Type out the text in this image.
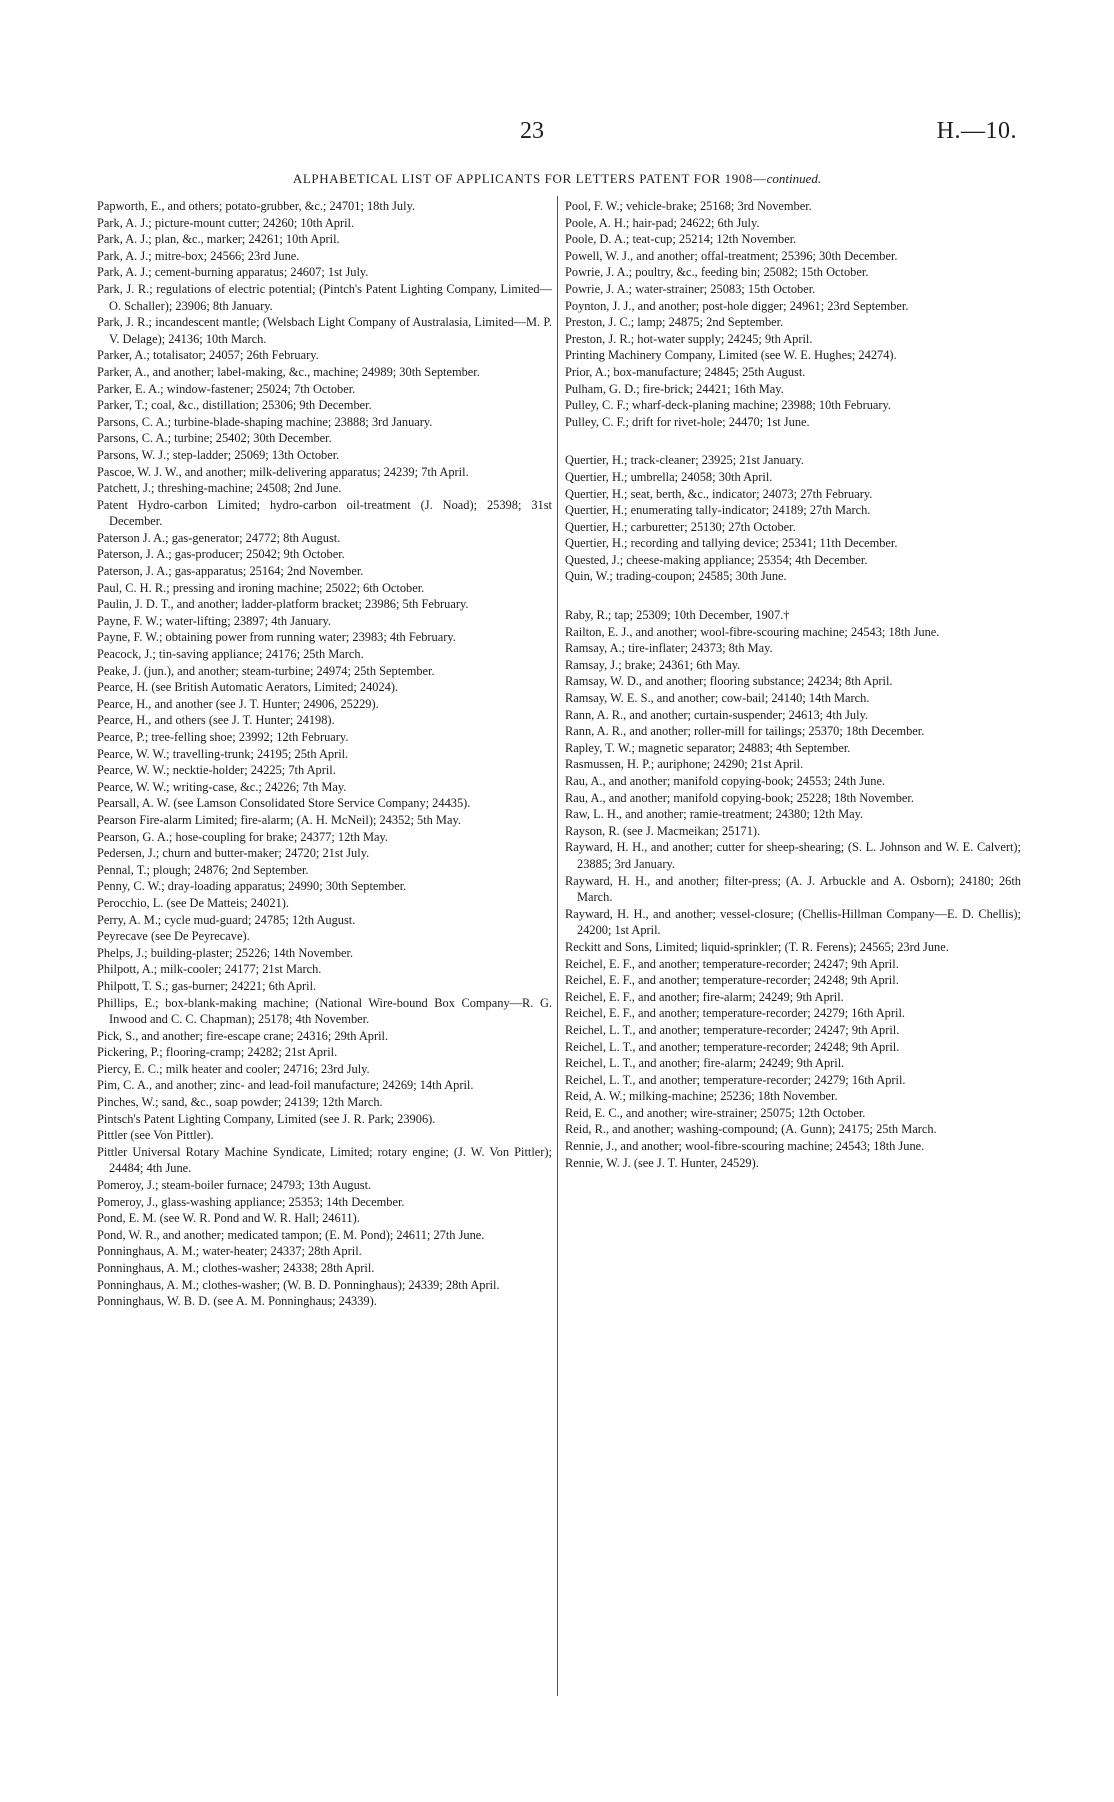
23	H.—10.
ALPHABETICAL LIST OF APPLICANTS FOR LETTERS PATENT FOR 1908—continued.
Papworth, E., and others; potato-grubber, &c.; 24701; 18th July.
Park, A. J.; picture-mount cutter; 24260; 10th April.
Park, A. J.; plan, &c., marker; 24261; 10th April.
Park, A. J.; mitre-box; 24566; 23rd June.
Park, A. J.; cement-burning apparatus; 24607; 1st July.
Park, J. R.; regulations of electric potential; (Pintch's Patent Lighting Company, Limited—O. Schaller); 23906; 8th January.
Park, J. R.; incandescent mantle; (Welsbach Light Company of Australasia, Limited—M. P. V. Delage); 24136; 10th March.
Parker, A.; totalisator; 24057; 26th February.
Parker, A., and another; label-making, &c., machine; 24989; 30th September.
Parker, E. A.; window-fastener; 25024; 7th October.
Parker, T.; coal, &c., distillation; 25306; 9th December.
Parsons, C. A.; turbine-blade-shaping machine; 23888; 3rd January.
Parsons, C. A.; turbine; 25402; 30th December.
Parsons, W. J.; step-ladder; 25069; 13th October.
Pascoe, W. J. W., and another; milk-delivering apparatus; 24239; 7th April.
Patchett, J.; threshing-machine; 24508; 2nd June.
Patent Hydro-carbon Limited; hydro-carbon oil-treatment (J. Noad); 25398; 31st December.
Paterson J. A.; gas-generator; 24772; 8th August.
Paterson, J. A.; gas-producer; 25042; 9th October.
Paterson, J. A.; gas-apparatus; 25164; 2nd November.
Paul, C. H. R.; pressing and ironing machine; 25022; 6th October.
Paulin, J. D. T., and another; ladder-platform bracket; 23986; 5th February.
Payne, F. W.; water-lifting; 23897; 4th January.
Payne, F. W.; obtaining power from running water; 23983; 4th February.
Peacock, J.; tin-saving appliance; 24176; 25th March.
Peake, J. (jun.), and another; steam-turbine; 24974; 25th September.
Pearce, H. (see British Automatic Aerators, Limited; 24024).
Pearce, H., and another (see J. T. Hunter; 24906, 25229).
Pearce, H., and others (see J. T. Hunter; 24198).
Pearce, P.; tree-felling shoe; 23992; 12th February.
Pearce, W. W.; travelling-trunk; 24195; 25th April.
Pearce, W. W.; necktie-holder; 24225; 7th April.
Pearce, W. W.; writing-case, &c.; 24226; 7th May.
Pearsall, A. W. (see Lamson Consolidated Store Service Company; 24435).
Pearson Fire-alarm Limited; fire-alarm; (A. H. McNeil); 24352; 5th May.
Pearson, G. A.; hose-coupling for brake; 24377; 12th May.
Pedersen, J.; churn and butter-maker; 24720; 21st July.
Pennal, T.; plough; 24876; 2nd September.
Penny, C. W.; dray-loading apparatus; 24990; 30th September.
Perocchio, L. (see De Matteis; 24021).
Perry, A. M.; cycle mud-guard; 24785; 12th August.
Peyrecave (see De Peyrecave).
Phelps, J.; building-plaster; 25226; 14th November.
Philpott, A.; milk-cooler; 24177; 21st March.
Philpott, T. S.; gas-burner; 24221; 6th April.
Phillips, E.; box-blank-making machine; (National Wire-bound Box Company—R. G. Inwood and C. C. Chapman); 25178; 4th November.
Pick, S., and another; fire-escape crane; 24316; 29th April.
Pickering, P.; flooring-cramp; 24282; 21st April.
Piercy, E. C.; milk heater and cooler; 24716; 23rd July.
Pim, C. A., and another; zinc- and lead-foil manufacture; 24269; 14th April.
Pinches, W.; sand, &c., soap powder; 24139; 12th March.
Pintsch's Patent Lighting Company, Limited (see J. R. Park; 23906).
Pittler (see Von Pittler).
Pittler Universal Rotary Machine Syndicate, Limited; rotary engine; (J. W. Von Pittler); 24484; 4th June.
Pomeroy, J.; steam-boiler furnace; 24793; 13th August.
Pomeroy, J., glass-washing appliance; 25353; 14th December.
Pond, E. M. (see W. R. Pond and W. R. Hall; 24611).
Pond, W. R., and another; medicated tampon; (E. M. Pond); 24611; 27th June.
Ponninghaus, A. M.; water-heater; 24337; 28th April.
Ponninghaus, A. M.; clothes-washer; 24338; 28th April.
Ponninghaus, A. M.; clothes-washer; (W. B. D. Ponninghaus); 24339; 28th April.
Ponninghaus, W. B. D. (see A. M. Ponninghaus; 24339).
Pool, F. W.; vehicle-brake; 25168; 3rd November.
Poole, A. H.; hair-pad; 24622; 6th July.
Poole, D. A.; teat-cup; 25214; 12th November.
Powell, W. J., and another; offal-treatment; 25396; 30th December.
Powrie, J. A.; poultry, &c., feeding bin; 25082; 15th October.
Powrie, J. A.; water-strainer; 25083; 15th October.
Poynton, J. J., and another; post-hole digger; 24961; 23rd September.
Preston, J. C.; lamp; 24875; 2nd September.
Preston, J. R.; hot-water supply; 24245; 9th April.
Printing Machinery Company, Limited (see W. E. Hughes; 24274).
Prior, A.; box-manufacture; 24845; 25th August.
Pulham, G. D.; fire-brick; 24421; 16th May.
Pulley, C. F.; wharf-deck-planing machine; 23988; 10th February.
Pulley, C. F.; drift for rivet-hole; 24470; 1st June.
Quertier, H.; track-cleaner; 23925; 21st January.
Quertier, H.; umbrella; 24058; 30th April.
Quertier, H.; seat, berth, &c., indicator; 24073; 27th February.
Quertier, H.; enumerating tally-indicator; 24189; 27th March.
Quertier, H.; carburetter; 25130; 27th October.
Quertier, H.; recording and tallying device; 25341; 11th December.
Quested, J.; cheese-making appliance; 25354; 4th December.
Quin, W.; trading-coupon; 24585; 30th June.
Raby, R.; tap; 25309; 10th December, 1907.†
Railton, E. J., and another; wool-fibre-scouring machine; 24543; 18th June.
Ramsay, A.; tire-inflater; 24373; 8th May.
Ramsay, J.; brake; 24361; 6th May.
Ramsay, W. D., and another; flooring substance; 24234; 8th April.
Ramsay, W. E. S., and another; cow-bail; 24140; 14th March.
Rann, A. R., and another; curtain-suspender; 24613; 4th July.
Rann, A. R., and another; roller-mill for tailings; 25370; 18th December.
Rapley, T. W.; magnetic separator; 24883; 4th September.
Rasmussen, H. P.; auriphone; 24290; 21st April.
Rau, A., and another; manifold copying-book; 24553; 24th June.
Rau, A., and another; manifold copying-book; 25228; 18th November.
Raw, L. H., and another; ramie-treatment; 24380; 12th May.
Rayson, R. (see J. Macmeikan; 25171).
Rayward, H. H., and another; cutter for sheep-shearing; (S. L. Johnson and W. E. Calvert); 23885; 3rd January.
Rayward, H. H., and another; filter-press; (A. J. Arbuckle and A. Osborn); 24180; 26th March.
Rayward, H. H., and another; vessel-closure; (Chellis-Hillman Company—E. D. Chellis); 24200; 1st April.
Reckitt and Sons, Limited; liquid-sprinkler; (T. R. Ferens); 24565; 23rd June.
Reichel, E. F., and another; temperature-recorder; 24247; 9th April.
Reichel, E. F., and another; temperature-recorder; 24248; 9th April.
Reichel, E. F., and another; fire-alarm; 24249; 9th April.
Reichel, E. F., and another; temperature-recorder; 24279; 16th April.
Reichel, L. T., and another; temperature-recorder; 24247; 9th April.
Reichel, L. T., and another; temperature-recorder; 24248; 9th April.
Reichel, L. T., and another; fire-alarm; 24249; 9th April.
Reichel, L. T., and another; temperature-recorder; 24279; 16th April.
Reid, A. W.; milking-machine; 25236; 18th November.
Reid, E. C., and another; wire-strainer; 25075; 12th October.
Reid, R., and another; washing-compound; (A. Gunn); 24175; 25th March.
Rennie, J., and another; wool-fibre-scouring machine; 24543; 18th June.
Rennie, W. J. (see J. T. Hunter, 24529).
